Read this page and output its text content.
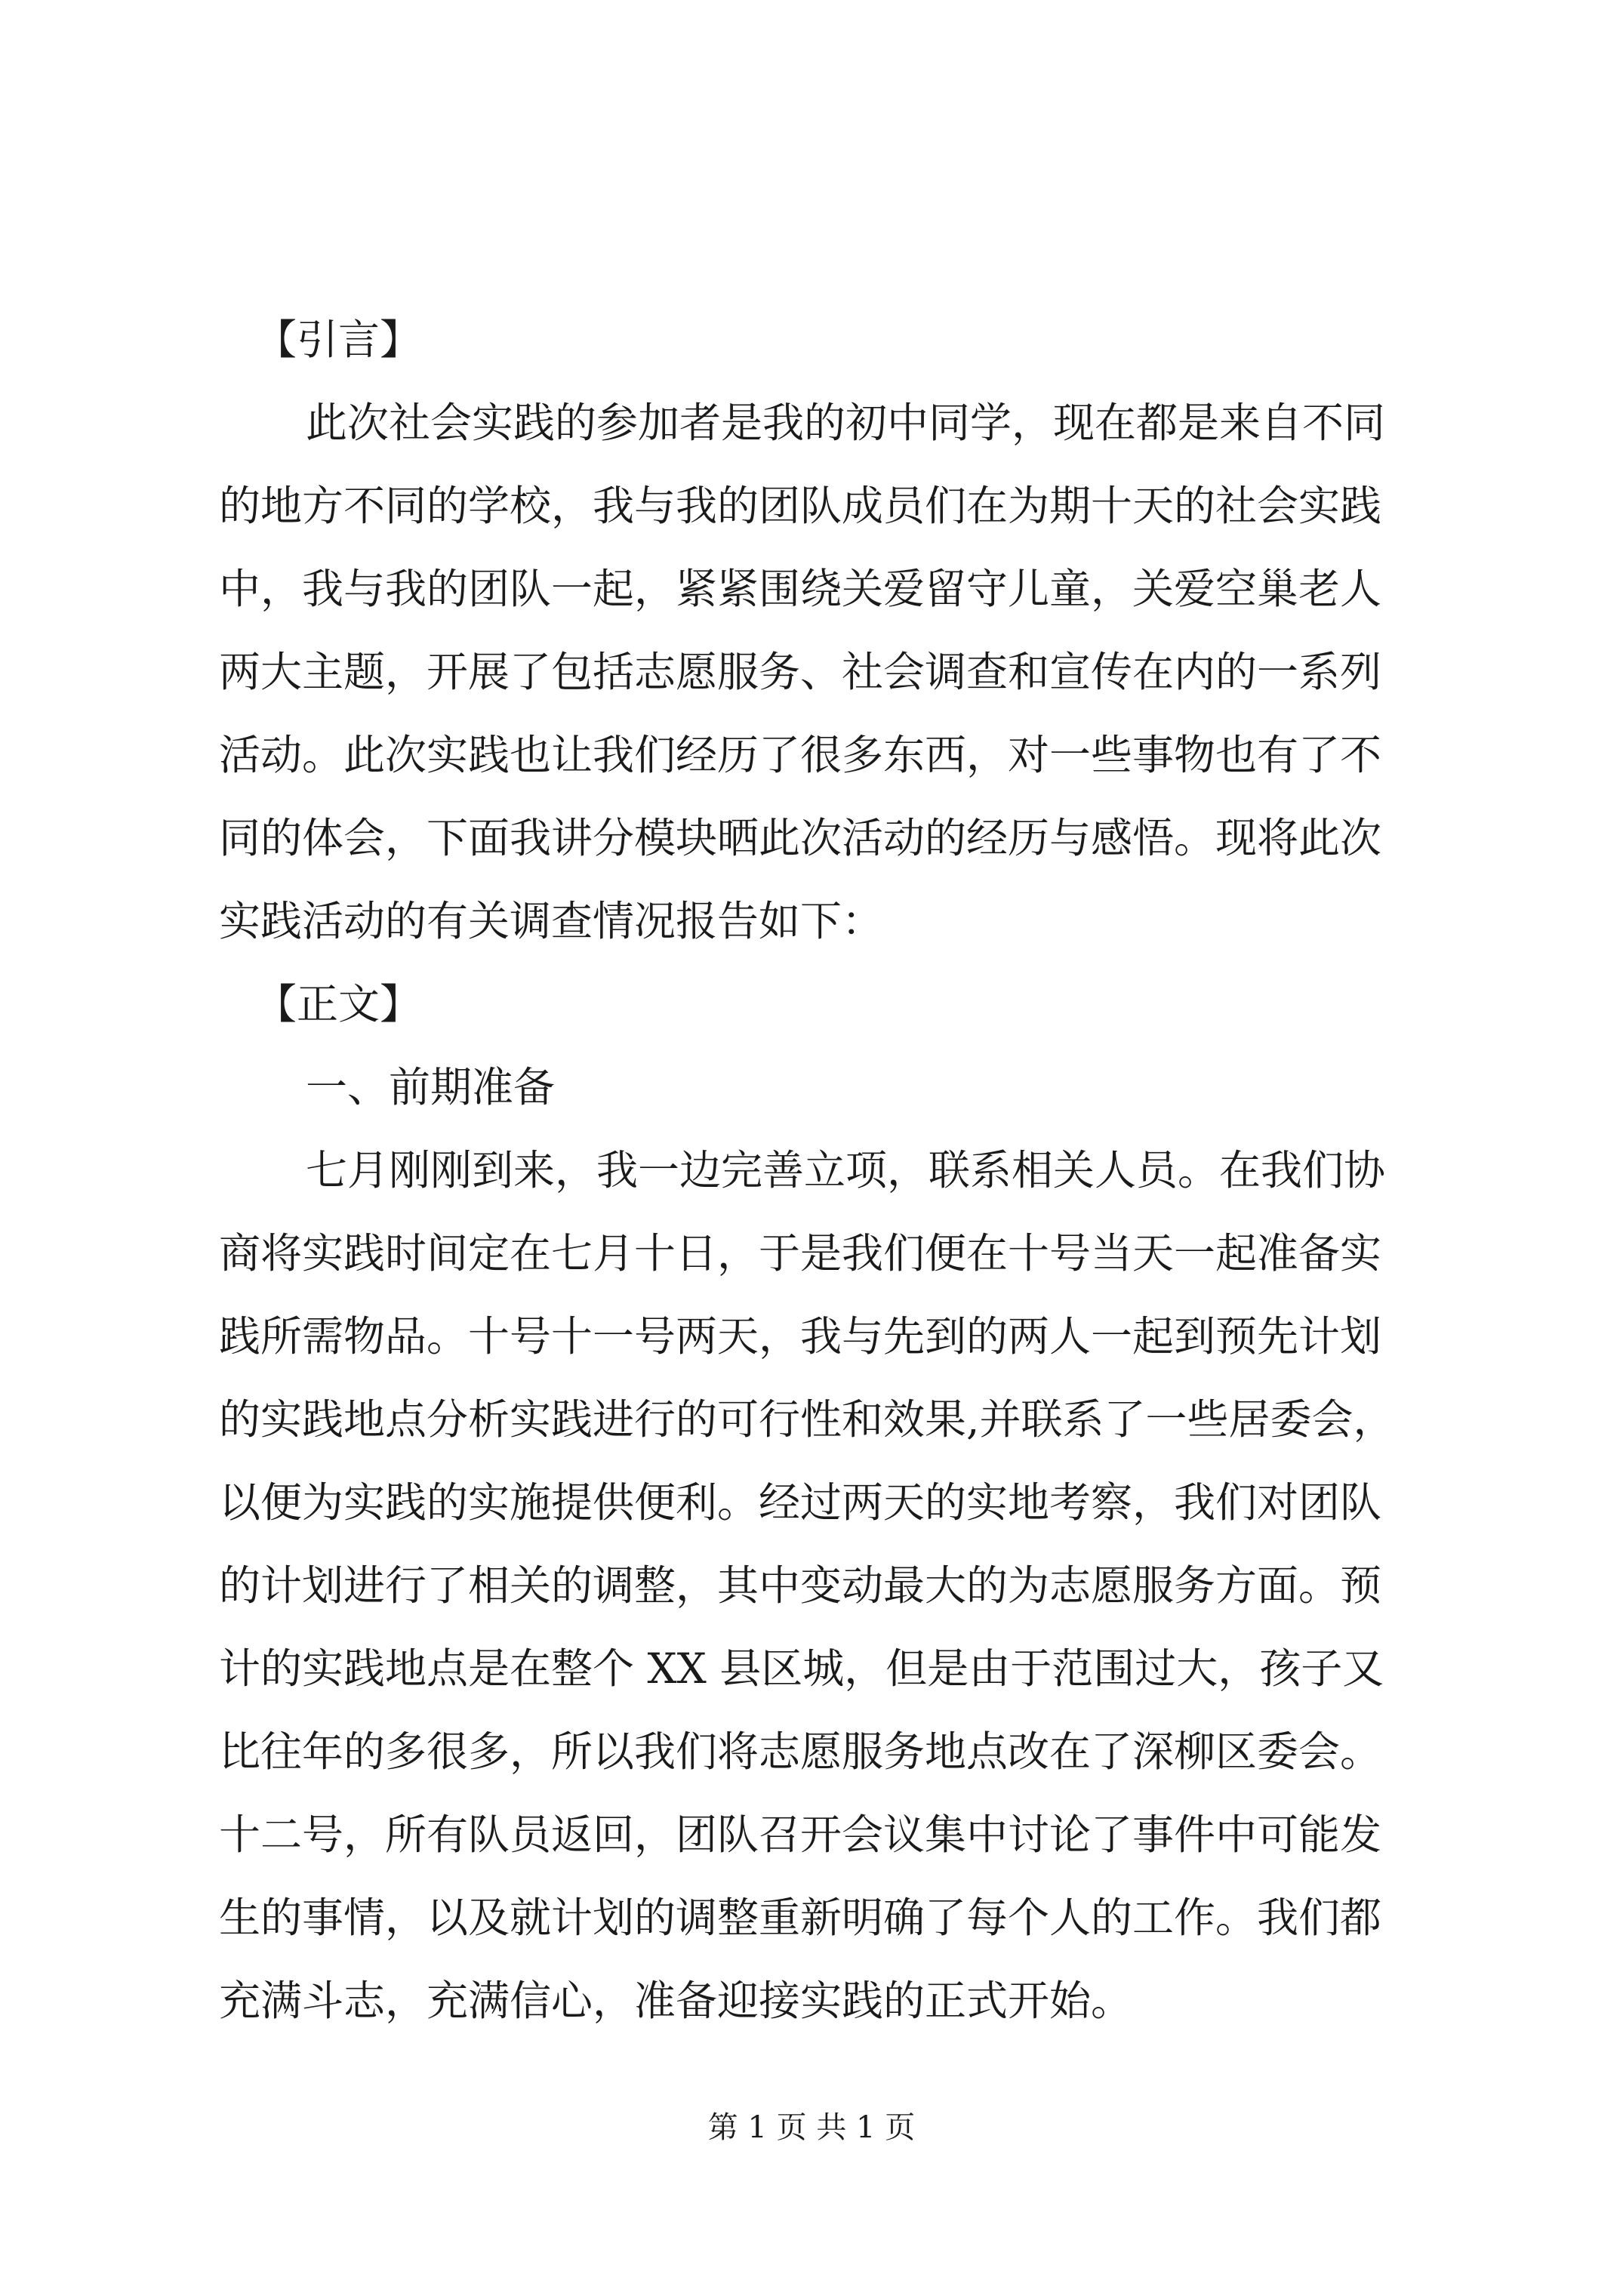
【引言】
此次社会实践的参加者是我的初中同学，现在都是来自不同
的地方不同的学校，我与我的团队成员们在为期十天的社会实践
中，我与我的团队一起，紧紧围绕关爱留守儿童，关爱空巢老人
两大主题，开展了包括志愿服务、社会调查和宣传在内的一系列
活动。此次实践也让我们经历了很多东西，对一些事物也有了不
同的体会，下面我讲分模块晒此次活动的经历与感悟。现将此次
实践活动的有关调查情况报告如下：
【正文】
一、前期准备
七月刚刚到来，我一边完善立项，联系相关人员。在我们协
商将实践时间定在七月十日，于是我们便在十号当天一起准备实
践所需物品。十号十一号两天，我与先到的两人一起到预先计划
的实践地点分析实践进行的可行性和效果,并联系了一些居委会，
以便为实践的实施提供便利。经过两天的实地考察，我们对团队
的计划进行了相关的调整，其中变动最大的为志愿服务方面。预
计的实践地点是在整个 XX 县区城，但是由于范围过大，孩子又
比往年的多很多，所以我们将志愿服务地点改在了深柳区委会。
十二号，所有队员返回，团队召开会议集中讨论了事件中可能发
生的事情，以及就计划的调整重新明确了每个人的工作。我们都
充满斗志，充满信心，准备迎接实践的正式开始。
第 1 页 共 1 页
